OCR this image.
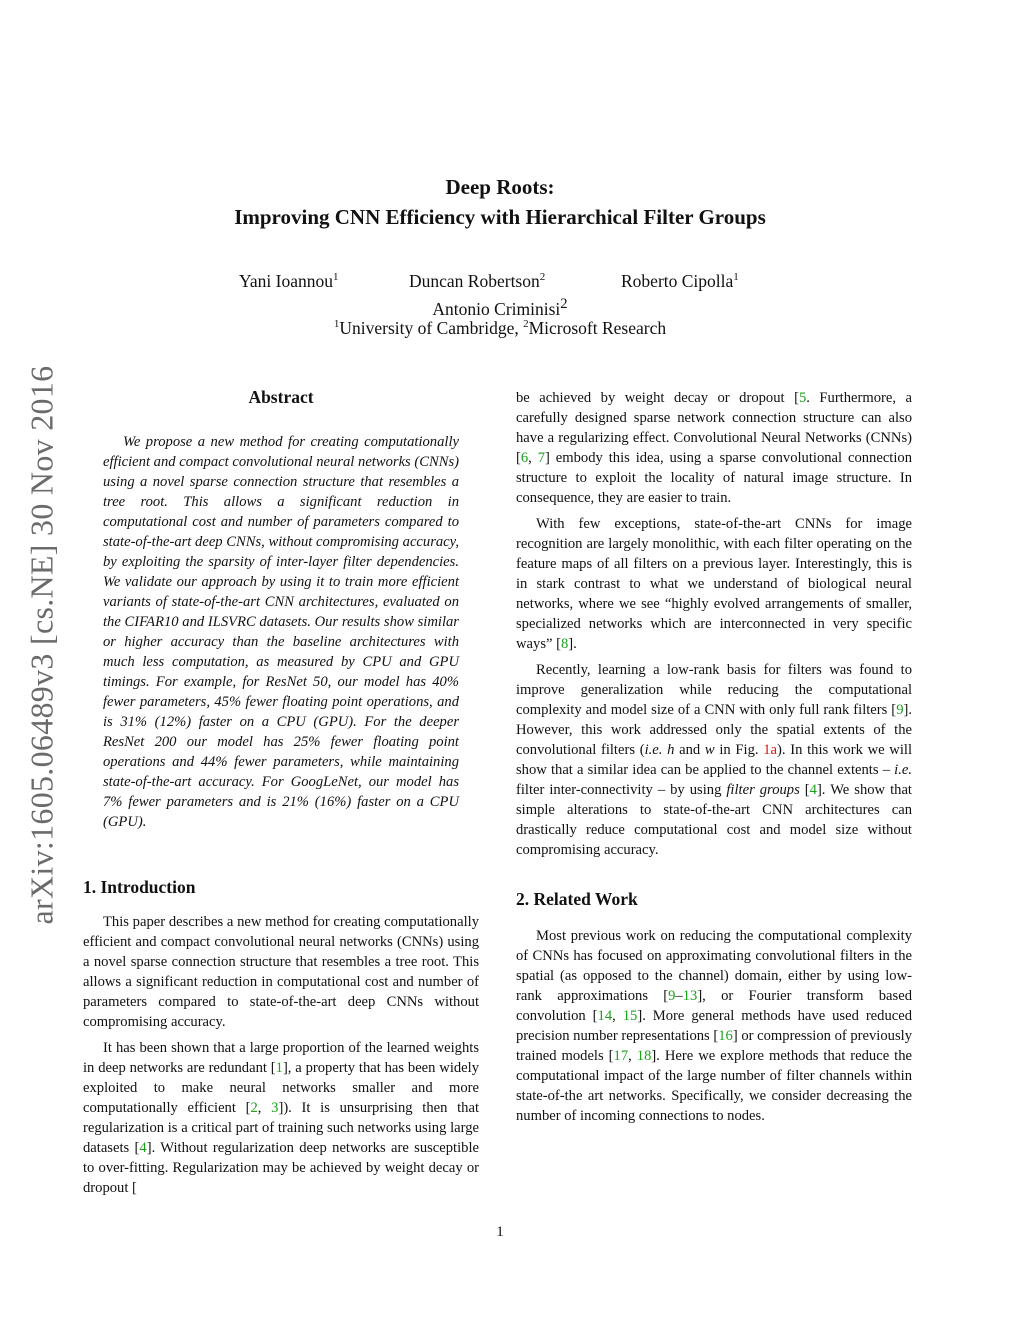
arXiv:1605.06489v3 [cs.NE] 30 Nov 2016
Deep Roots:
Improving CNN Efficiency with Hierarchical Filter Groups
Yani Ioannou$^1$	Duncan Robertson$^2$	Roberto Cipolla$^1$
Antonio Criminisi$^2$
$^1$University of Cambridge, $^2$Microsoft Research
Abstract

We propose a new method for creating computationally efficient and compact convolutional neural networks (CNNs) using a novel sparse connection structure that resembles a tree root. This allows a significant reduction in computational cost and number of parameters compared to state-of-the-art deep CNNs, without compromising accuracy, by exploiting the sparsity of inter-layer filter dependencies. We validate our approach by using it to train more efficient variants of state-of-the-art CNN architectures, evaluated on the CIFAR10 and ILSVRC datasets. Our results show similar or higher accuracy than the baseline architectures with much less computation, as measured by CPU and GPU timings. For example, for ResNet 50, our model has 40% fewer parameters, 45% fewer floating point operations, and is 31% (12%) faster on a CPU (GPU). For the deeper ResNet 200 our model has 25% fewer floating point operations and 44% fewer parameters, while maintaining state-of-the-art accuracy. For GoogLeNet, our model has 7% fewer parameters and is 21% (16%) faster on a CPU (GPU).

1. Introduction

This paper describes a new method for creating computationally efficient and compact convolutional neural networks (CNNs) using a novel sparse connection structure that resembles a tree root. This allows a significant reduction in computational cost and number of parameters compared to state-of-the-art deep CNNs without compromising accuracy.

It has been shown that a large proportion of the learned weights in deep networks are redundant [1], a property that has been widely exploited to make neural networks smaller and more computationally efficient [2, 3]). It is unsurprising then that regularization is a critical part of training such networks using large datasets [4]. Without regularization deep networks are susceptible to over-fitting. Regularization may be achieved by weight decay or dropout [

be achieved by weight decay or dropout [5. Furthermore, a carefully designed sparse network connection structure can also have a regularizing effect. Convolutional Neural Networks (CNNs) [6, 7] embody this idea, using a sparse convolutional connection structure to exploit the locality of natural image structure. In consequence, they are easier to train.

With few exceptions, state-of-the-art CNNs for image recognition are largely monolithic, with each filter operating on the feature maps of all filters on a previous layer. Interestingly, this is in stark contrast to what we understand of biological neural networks, where we see “highly evolved arrangements of smaller, specialized networks which are interconnected in very specific ways” [8].

Recently, learning a low-rank basis for filters was found to improve generalization while reducing the computational complexity and model size of a CNN with only full rank filters [9]. However, this work addressed only the spatial extents of the convolutional filters (i.e. h and w in Fig. 1a). In this work we will show that a similar idea can be applied to the channel extents – i.e. filter inter-connectivity – by using filter groups [4]. We show that simple alterations to state-of-the-art CNN architectures can drastically reduce computational cost and model size without compromising accuracy.

2. Related Work

Most previous work on reducing the computational complexity of CNNs has focused on approximating convolutional filters in the spatial (as opposed to the channel) domain, either by using low-rank approximations [9–13], or Fourier transform based convolution [14, 15]. More general methods have used reduced precision number representations [16] or compression of previously trained models [17, 18]. Here we explore methods that reduce the computational impact of the large number of filter channels within state-of-the art networks. Specifically, we consider decreasing the number of incoming connections to nodes.

1
